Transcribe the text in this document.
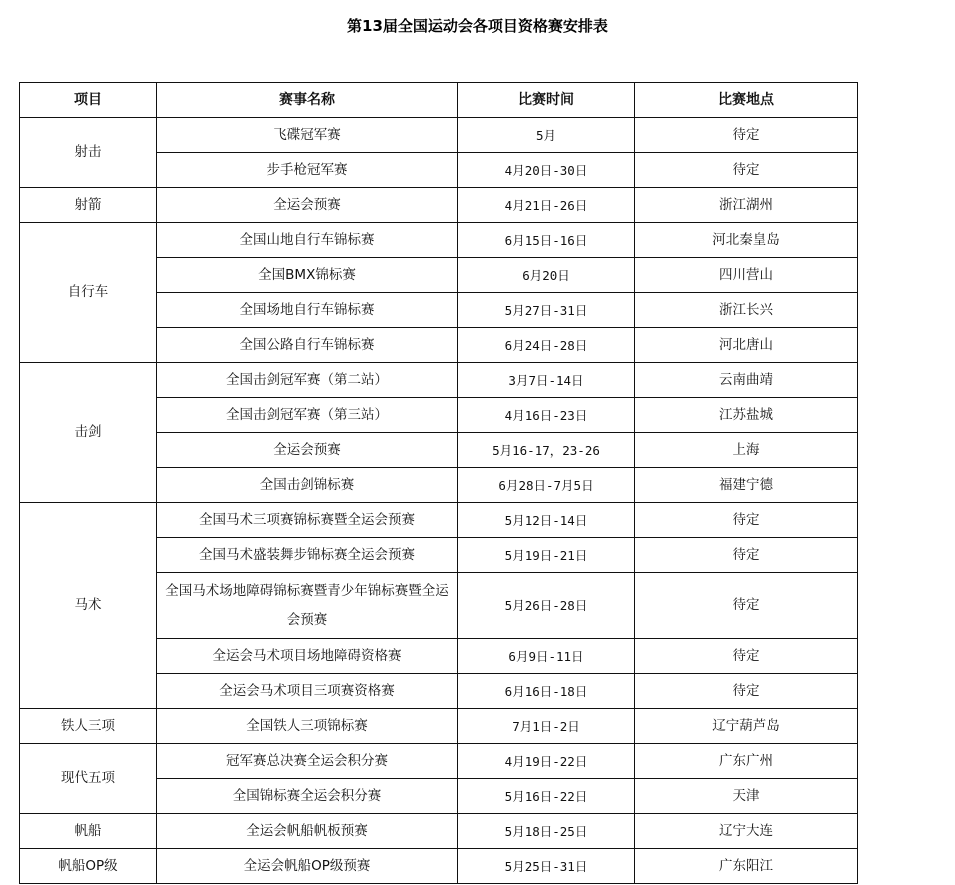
第13届全国运动会各项目资格赛安排表
项目	赛事名称	比赛时间	比赛地点
射击	飞碟冠军赛	5月	待定
	步手枪冠军赛	4月20日-30日	待定
射箭	全运会预赛	4月21日-26日	浙江湖州
自行车	全国山地自行车锦标赛	6月15日-16日	河北秦皇岛
	全国BMX锦标赛	6月20日	四川营山
	全国场地自行车锦标赛	5月27日-31日	浙江长兴
	全国公路自行车锦标赛	6月24日-28日	河北唐山
击剑	全国击剑冠军赛（第二站）	3月7日-14日	云南曲靖
	全国击剑冠军赛（第三站）	4月16日-23日	江苏盐城
	全运会预赛	5月16-17，23-26	上海
	全国击剑锦标赛	6月28日-7月5日	福建宁德
马术	全国马术三项赛锦标赛暨全运会预赛	5月12日-14日	待定
	全国马术盛装舞步锦标赛全运会预赛	5月19日-21日	待定
	全国马术场地障碍锦标赛暨青少年锦标赛暨全运会预赛	5月26日-28日	待定
	全运会马术项目场地障碍资格赛	6月9日-11日	待定
	全运会马术项目三项赛资格赛	6月16日-18日	待定
铁人三项	全国铁人三项锦标赛	7月1日-2日	辽宁葫芦岛
现代五项	冠军赛总决赛全运会积分赛	4月19日-22日	广东广州
	全国锦标赛全运会积分赛	5月16日-22日	天津
帆船	全运会帆船帆板预赛	5月18日-25日	辽宁大连
帆船OP级	全运会帆船OP级预赛	5月25日-31日	广东阳江
